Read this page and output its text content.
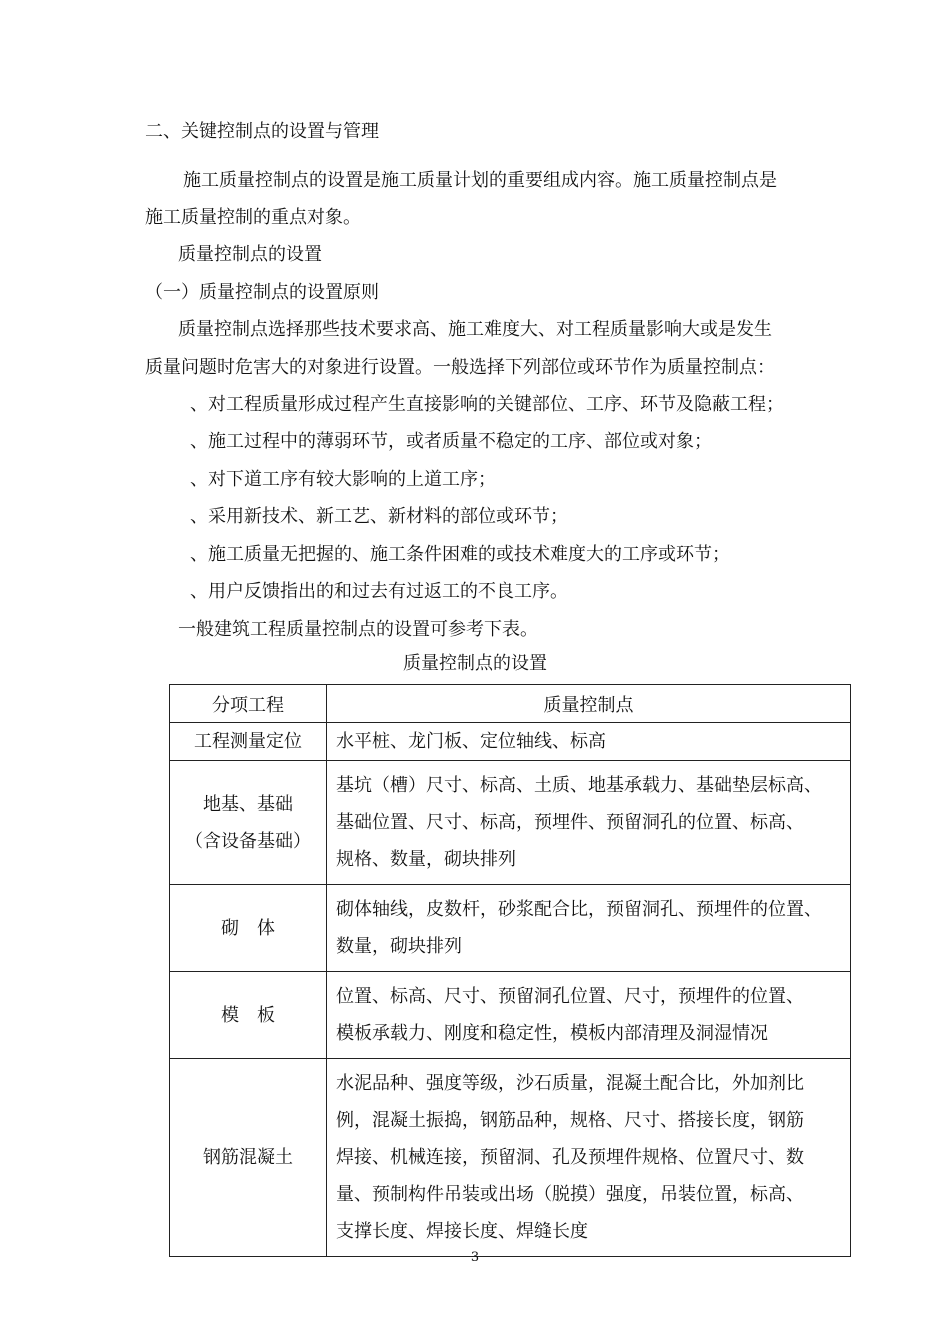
二、关键控制点的设置与管理
施工质量控制点的设置是施工质量计划的重要组成内容。施工质量控制点是
施工质量控制的重点对象。
质量控制点的设置
（一）质量控制点的设置原则
质量控制点选择那些技术要求高、施工难度大、对工程质量影响大或是发生
质量问题时危害大的对象进行设置。一般选择下列部位或环节作为质量控制点：
、对工程质量形成过程产生直接影响的关键部位、工序、环节及隐蔽工程；
、施工过程中的薄弱环节，或者质量不稳定的工序、部位或对象；
、对下道工序有较大影响的上道工序；
、采用新技术、新工艺、新材料的部位或环节；
、施工质量无把握的、施工条件困难的或技术难度大的工序或环节；
、用户反馈指出的和过去有过返工的不良工序。
一般建筑工程质量控制点的设置可参考下表。
质量控制点的设置
分项工程	质量控制点

工程测量定位	水平桩、龙门板、定位轴线、标高

地基、基础
（含设备基础）	基坑（槽）尺寸、标高、土质、地基承载力、基础垫层标高、
基础位置、尺寸、标高，预埋件、预留洞孔的位置、标高、
规格、数量，砌块排列

砌　体	砌体轴线，皮数杆，砂浆配合比，预留洞孔、预埋件的位置、
数量，砌块排列

模　板	位置、标高、尺寸、预留洞孔位置、尺寸，预埋件的位置、
模板承载力、刚度和稳定性，模板内部清理及洞湿情况

钢筋混凝土	水泥品种、强度等级，沙石质量，混凝土配合比，外加剂比
例，混凝土振捣，钢筋品种，规格、尺寸、搭接长度，钢筋
焊接、机械连接，预留洞、孔及预埋件规格、位置尺寸、数
量、预制构件吊装或出场（脱摸）强度，吊装位置，标高、
支撑长度、焊接长度、焊缝长度
3
